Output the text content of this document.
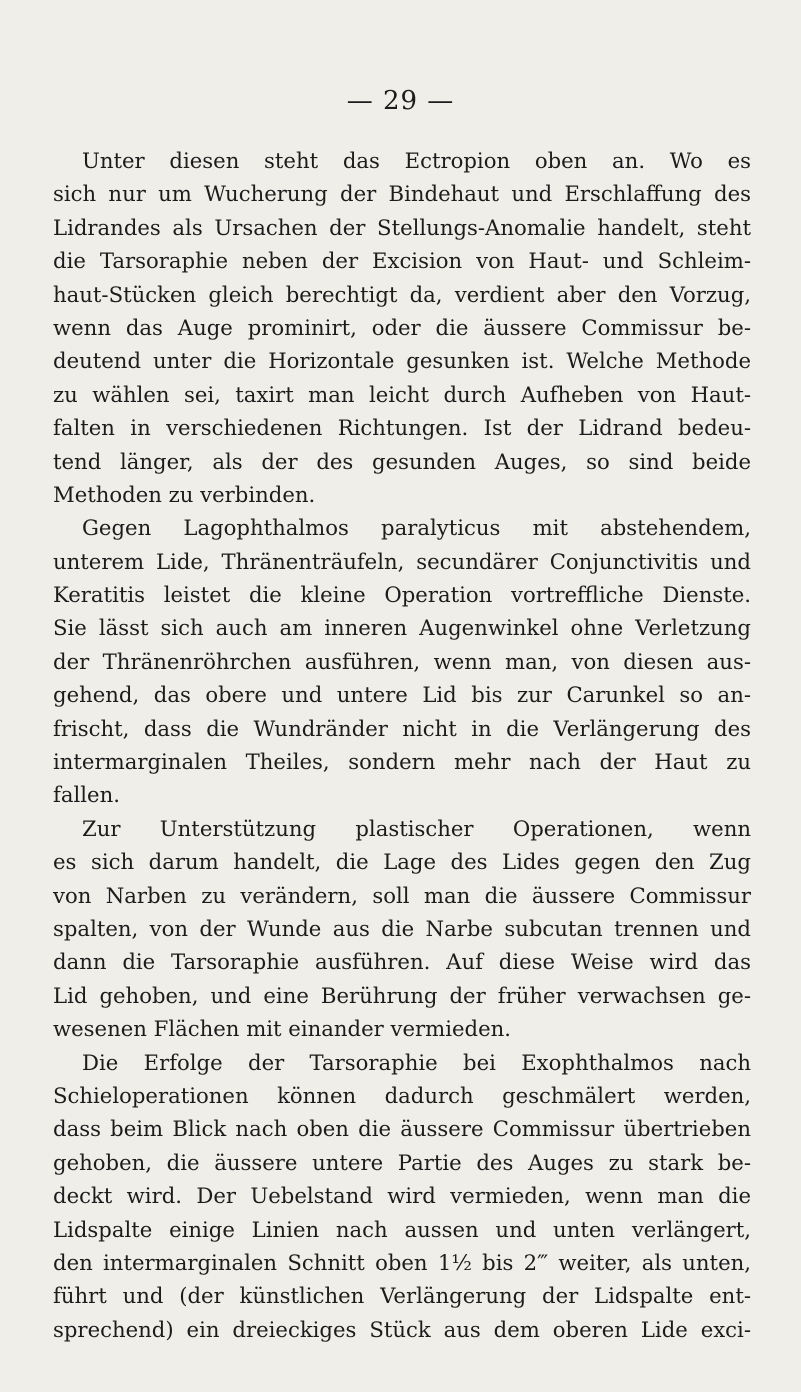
— 29 —
Unter diesen steht das Ectropion oben an. Wo es
sich nur um Wucherung der Bindehaut und Erschlaffung des
Lidrandes als Ursachen der Stellungs-Anomalie handelt, steht
die Tarsoraphie neben der Excision von Haut- und Schleim-
haut-Stücken gleich berechtigt da, verdient aber den Vorzug,
wenn das Auge prominirt, oder die äussere Commissur be-
deutend unter die Horizontale gesunken ist. Welche Methode
zu wählen sei, taxirt man leicht durch Aufheben von Haut-
falten in verschiedenen Richtungen. Ist der Lidrand bedeu-
tend länger, als der des gesunden Auges, so sind beide
Methoden zu verbinden.
Gegen Lagophthalmos paralyticus mit abstehendem,
unterem Lide, Thränenträufeln, secundärer Conjunctivitis und
Keratitis leistet die kleine Operation vortreffliche Dienste.
Sie lässt sich auch am inneren Augenwinkel ohne Verletzung
der Thränenröhrchen ausführen, wenn man, von diesen aus-
gehend, das obere und untere Lid bis zur Carunkel so an-
frischt, dass die Wundränder nicht in die Verlängerung des
intermarginalen Theiles, sondern mehr nach der Haut zu
fallen.
Zur Unterstützung plastischer Operationen, wenn
es sich darum handelt, die Lage des Lides gegen den Zug
von Narben zu verändern, soll man die äussere Commissur
spalten, von der Wunde aus die Narbe subcutan trennen und
dann die Tarsoraphie ausführen. Auf diese Weise wird das
Lid gehoben, und eine Berührung der früher verwachsen ge-
wesenen Flächen mit einander vermieden.
Die Erfolge der Tarsoraphie bei Exophthalmos nach
Schieloperationen können dadurch geschmälert werden,
dass beim Blick nach oben die äussere Commissur übertrieben
gehoben, die äussere untere Partie des Auges zu stark be-
deckt wird. Der Uebelstand wird vermieden, wenn man die
Lidspalte einige Linien nach aussen und unten verlängert,
den intermarginalen Schnitt oben 1½ bis 2‴ weiter, als unten,
führt und (der künstlichen Verlängerung der Lidspalte ent-
sprechend) ein dreieckiges Stück aus dem oberen Lide exci-
